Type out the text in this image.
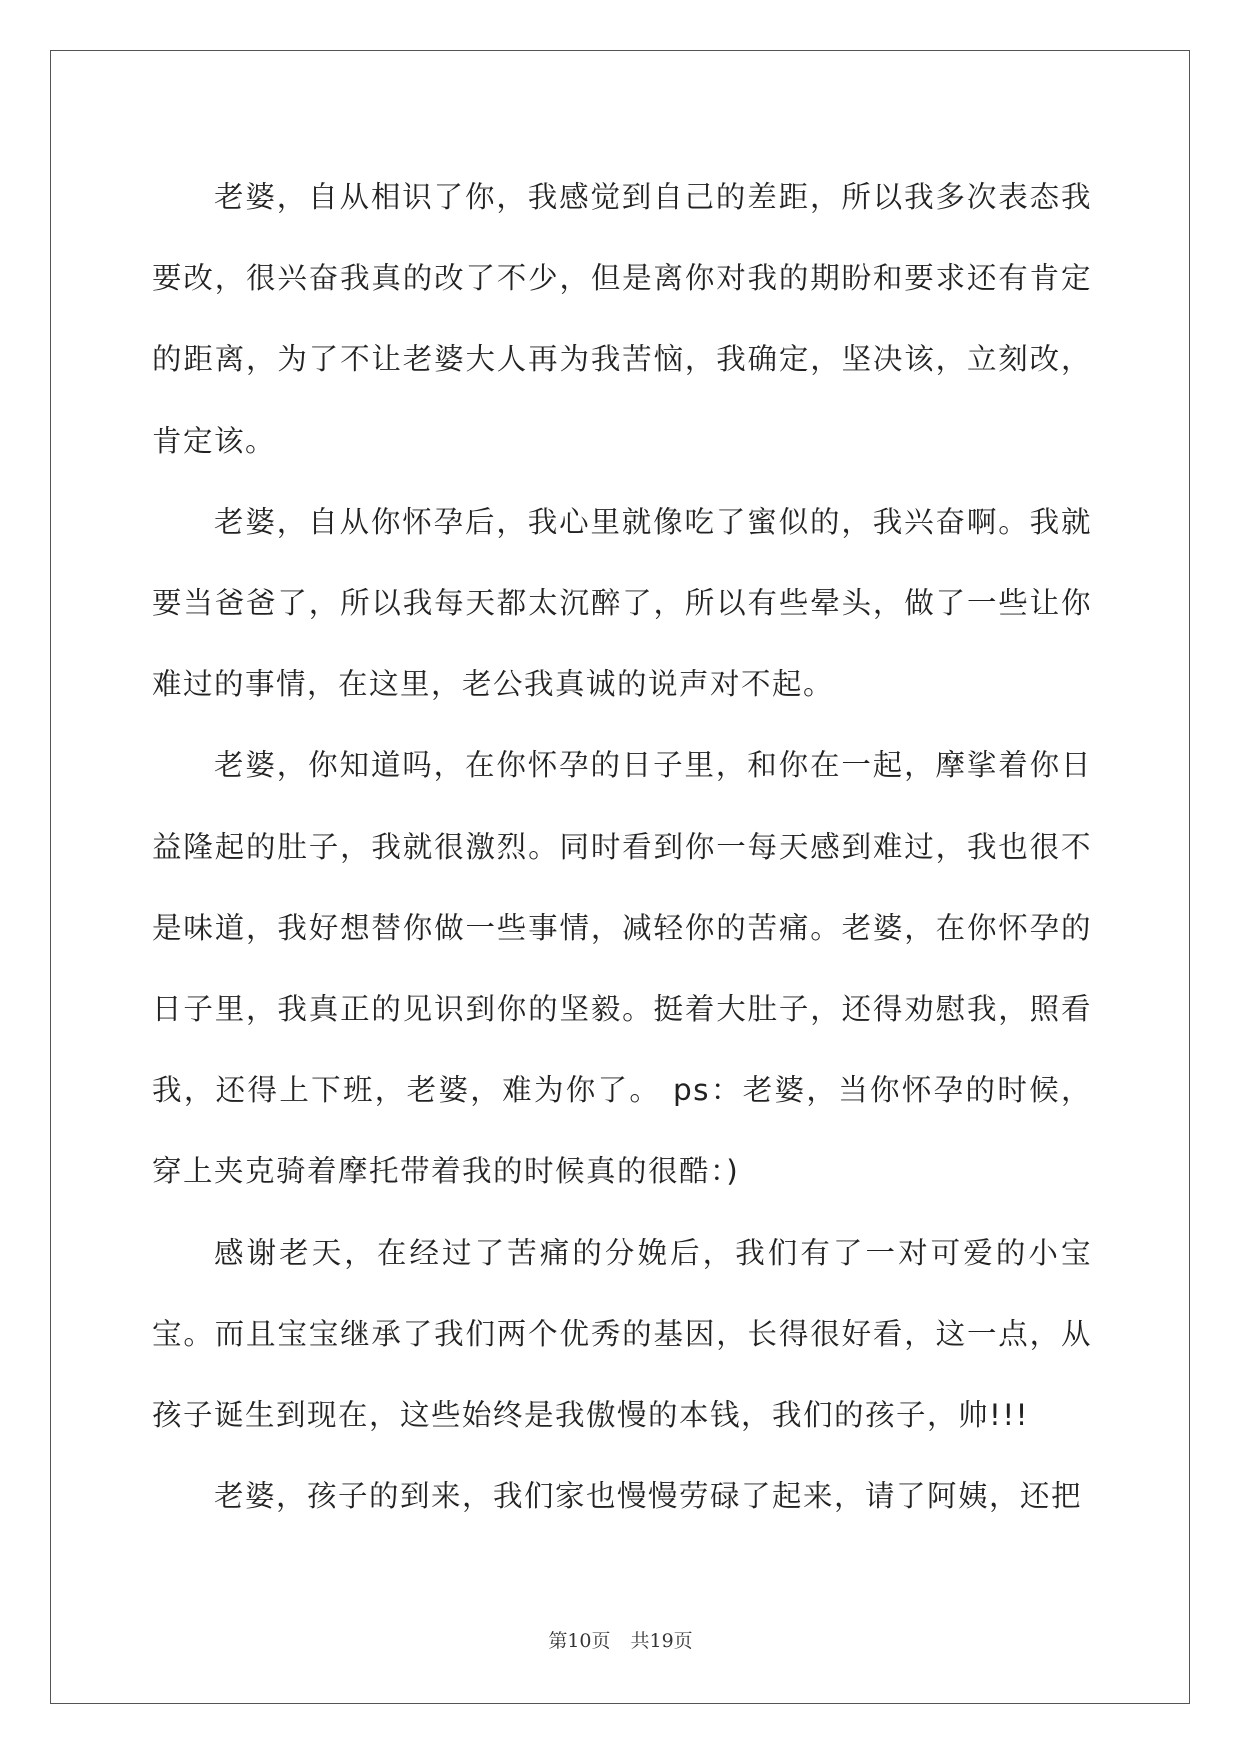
老婆，自从相识了你，我感觉到自己的差距，所以我多次表态我要改，很兴奋我真的改了不少，但是离你对我的期盼和要求还有肯定的距离，为了不让老婆大人再为我苦恼，我确定，坚决该，立刻改，肯定该。

老婆，自从你怀孕后，我心里就像吃了蜜似的，我兴奋啊。我就要当爸爸了，所以我每天都太沉醉了，所以有些晕头，做了一些让你难过的事情，在这里，老公我真诚的说声对不起。

老婆，你知道吗，在你怀孕的日子里，和你在一起，摩挲着你日益隆起的肚子，我就很激烈。同时看到你一每天感到难过，我也很不是味道，我好想替你做一些事情，减轻你的苦痛。老婆，在你怀孕的日子里，我真正的见识到你的坚毅。挺着大肚子，还得劝慰我，照看我，还得上下班，老婆，难为你了。 ps：老婆，当你怀孕的时候，穿上夹克骑着摩托带着我的时候真的很酷：)

感谢老天，在经过了苦痛的分娩后，我们有了一对可爱的小宝宝。而且宝宝继承了我们两个优秀的基因，长得很好看，这一点，从孩子诞生到现在，这些始终是我傲慢的本钱，我们的孩子，帅!!!

老婆，孩子的到来，我们家也慢慢劳碌了起来，请了阿姨，还把

第10页 共19页
